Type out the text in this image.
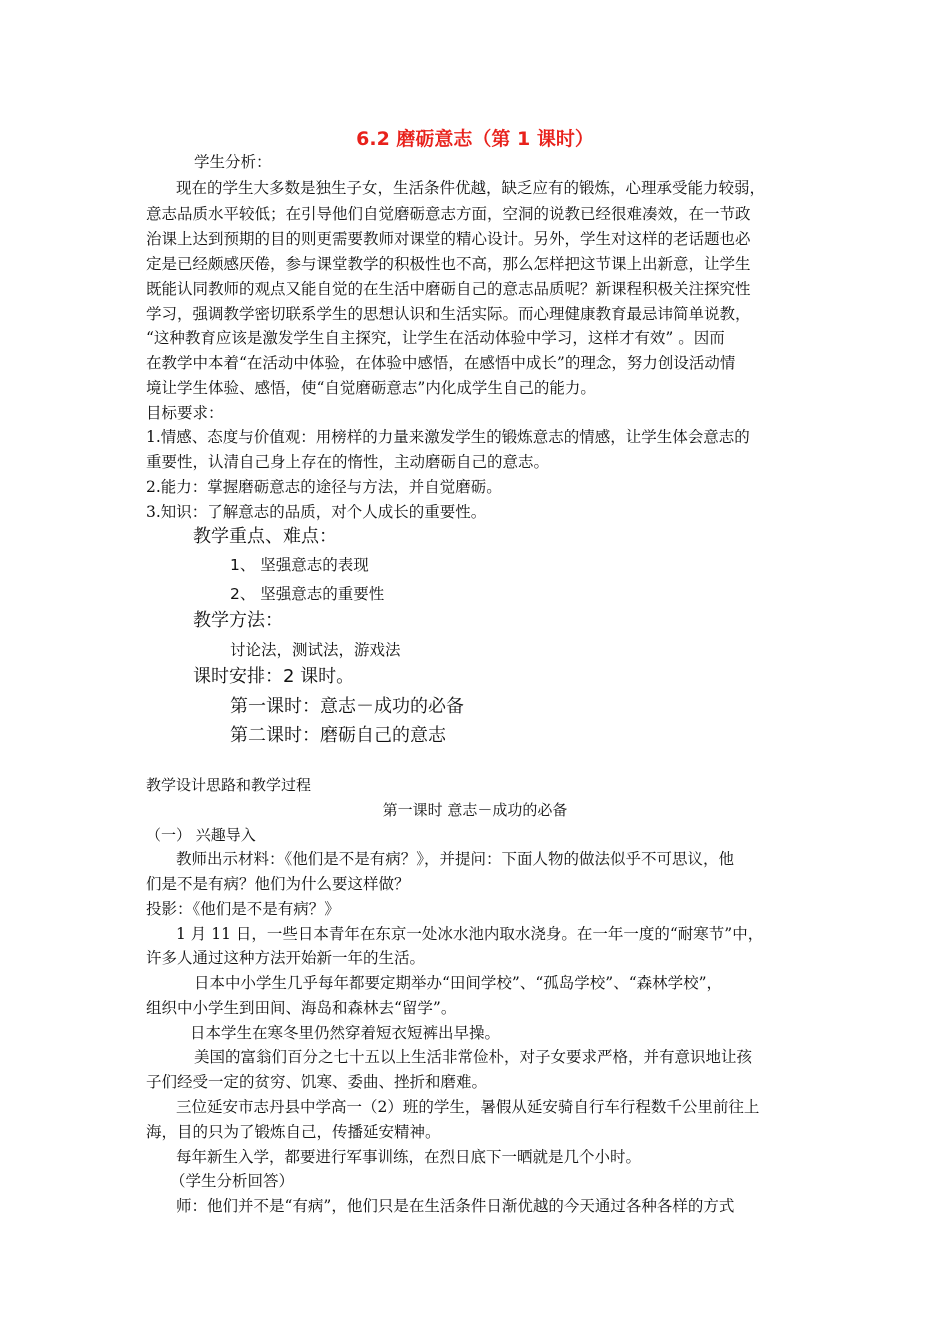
6.2 磨砺意志（第 1 课时）
学生分析：
现在的学生大多数是独生子女，生活条件优越，缺乏应有的锻炼，心理承受能力较弱，
意志品质水平较低；在引导他们自觉磨砺意志方面，空洞的说教已经很难凑效，在一节政
治课上达到预期的目的则更需要教师对课堂的精心设计。另外，学生对这样的老话题也必
定是已经颇感厌倦，参与课堂教学的积极性也不高，那么怎样把这节课上出新意，让学生
既能认同教师的观点又能自觉的在生活中磨砺自己的意志品质呢？新课程积极关注探究性
学习，强调教学密切联系学生的思想认识和生活实际。而心理健康教育最忌讳简单说教，
“这种教育应该是激发学生自主探究，让学生在活动体验中学习，这样才有效” 。因而
在教学中本着“在活动中体验，在体验中感悟，在感悟中成长”的理念，努力创设活动情
境让学生体验、感悟，使“自觉磨砺意志”内化成学生自己的能力。
目标要求：
1.情感、态度与价值观：用榜样的力量来激发学生的锻炼意志的情感，让学生体会意志的
重要性，认清自己身上存在的惰性，主动磨砺自己的意志。
2.能力：掌握磨砺意志的途径与方法，并自觉磨砺。
3.知识：了解意志的品质，对个人成长的重要性。
教学重点、难点：
1、 坚强意志的表现
2、 坚强意志的重要性
教学方法：
讨论法，测试法，游戏法
课时安排：2 课时。
第一课时：意志－成功的必备
第二课时：磨砺自己的意志
教学设计思路和教学过程
第一课时 意志－成功的必备
（一） 兴趣导入
教师出示材料：《他们是不是有病？》，并提问：下面人物的做法似乎不可思议，他
们是不是有病？他们为什么要这样做？
投影：《他们是不是有病？》
1 月 11 日，一些日本青年在东京一处冰水池内取水浇身。在一年一度的“耐寒节”中，
许多人通过这种方法开始新一年的生活。
日本中小学生几乎每年都要定期举办“田间学校”、“孤岛学校”、“森林学校”，
组织中小学生到田间、海岛和森林去“留学”。
日本学生在寒冬里仍然穿着短衣短裤出早操。
美国的富翁们百分之七十五以上生活非常俭朴，对子女要求严格，并有意识地让孩
子们经受一定的贫穷、饥寒、委曲、挫折和磨难。
三位延安市志丹县中学高一（2）班的学生，暑假从延安骑自行车行程数千公里前往上
海，目的只为了锻炼自己，传播延安精神。
每年新生入学，都要进行军事训练，在烈日底下一晒就是几个小时。
（学生分析回答）
师：他们并不是“有病”，他们只是在生活条件日渐优越的今天通过各种各样的方式
